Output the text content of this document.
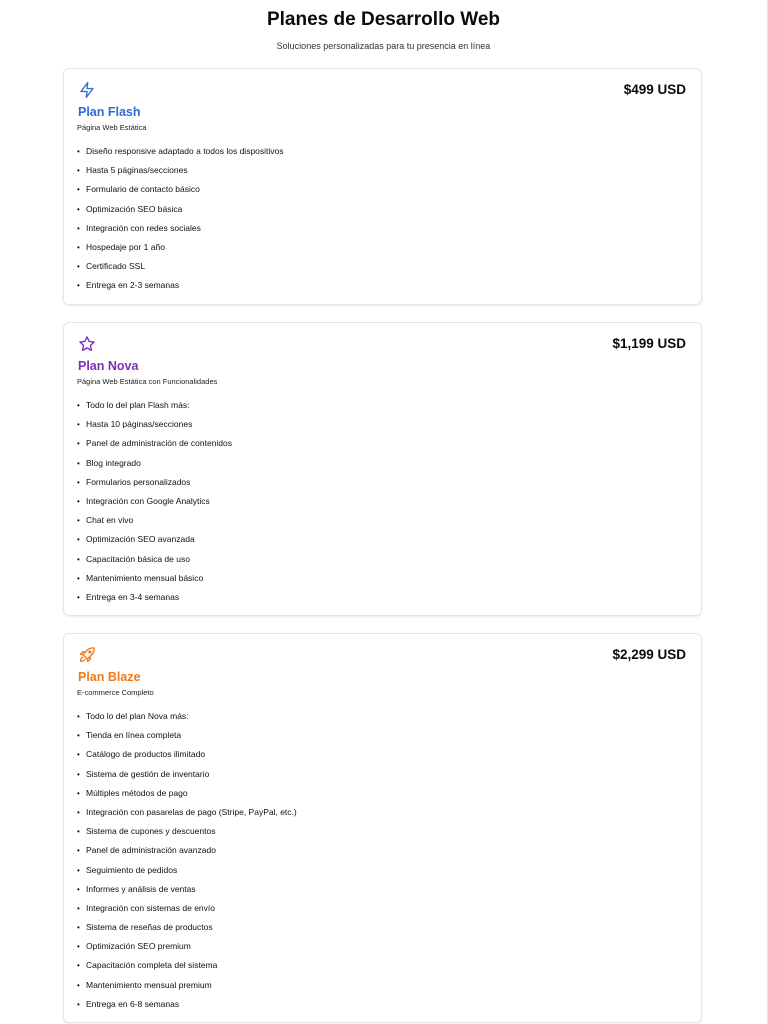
Planes de Desarrollo Web
Soluciones personalizadas para tu presencia en línea
$499 USD
Plan Flash
Página Web Estática
• Diseño responsive adaptado a todos los dispositivos
• Hasta 5 páginas/secciones
• Formulario de contacto básico
• Optimización SEO básica
• Integración con redes sociales
• Hospedaje por 1 año
• Certificado SSL
• Entrega en 2-3 semanas
$1,199 USD
Plan Nova
Página Web Estática con Funcionalidades
• Todo lo del plan Flash más:
• Hasta 10 páginas/secciones
• Panel de administración de contenidos
• Blog integrado
• Formularios personalizados
• Integración con Google Analytics
• Chat en vivo
• Optimización SEO avanzada
• Capacitación básica de uso
• Mantenimiento mensual básico
• Entrega en 3-4 semanas
$2,299 USD
Plan Blaze
E-commerce Completo
• Todo lo del plan Nova más:
• Tienda en línea completa
• Catálogo de productos ilimitado
• Sistema de gestión de inventario
• Múltiples métodos de pago
• Integración con pasarelas de pago (Stripe, PayPal, etc.)
• Sistema de cupones y descuentos
• Panel de administración avanzado
• Seguimiento de pedidos
• Informes y análisis de ventas
• Integración con sistemas de envío
• Sistema de reseñas de productos
• Optimización SEO premium
• Capacitación completa del sistema
• Mantenimiento mensual premium
• Entrega en 6-8 semanas
